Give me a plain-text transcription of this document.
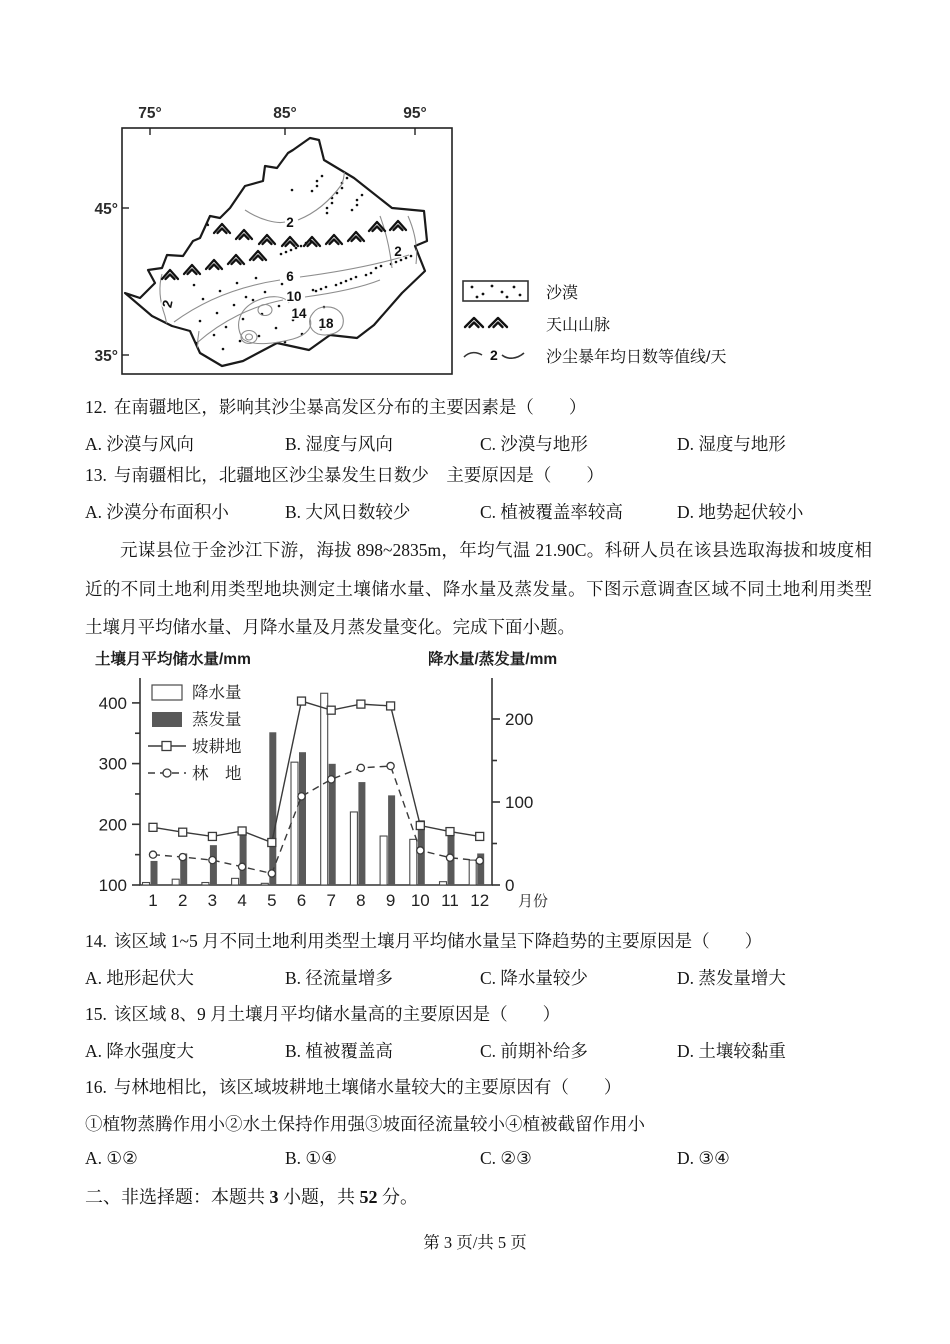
75°	85°	95°
45°
35°
2
2
2
6
10
14
18
沙漠
天山山脉
2	沙尘暴年均日数等值线/天
12. 在南疆地区，影响其沙尘暴高发区分布的主要因素是（　　）
A. 沙漠与风向	B. 湿度与风向	C. 沙漠与地形	D. 湿度与地形
13. 与南疆相比，北疆地区沙尘暴发生日数少　主要原因是（　　）
A. 沙漠分布面积小	B. 大风日数较少	C. 植被覆盖率较高	D. 地势起伏较小
元谋县位于金沙江下游，海拔 898~2835m，年均气温 21.90C。科研人员在该县选取海拔和坡度相近的不同土地利用类型地块测定土壤储水量、降水量及蒸发量。下图示意调查区域不同土地利用类型土壤月平均储水量、月降水量及月蒸发量变化。完成下面小题。
土壤月平均储水量/mm	降水量/蒸发量/mm
100
200
300
400
0
100
200
1 2 3 4 5 6 7 8 9 10 11 12 月份
降水量
蒸发量
坡耕地
林　地
14. 该区域 1~5 月不同土地利用类型土壤月平均储水量呈下降趋势的主要原因是（　　）
A. 地形起伏大	B. 径流量增多	C. 降水量较少	D. 蒸发量增大
15. 该区域 8、9 月土壤月平均储水量高的主要原因是（　　）
A. 降水强度大	B. 植被覆盖高	C. 前期补给多	D. 土壤较黏重
16. 与林地相比，该区域坡耕地土壤储水量较大的主要原因有（　　）
①植物蒸腾作用小②水土保持作用强③坡面径流量较小④植被截留作用小
A. ①②	B. ①④	C. ②③	D. ③④
二、非选择题：本题共 3 小题，共 52 分。
第 3 页/共 5 页
